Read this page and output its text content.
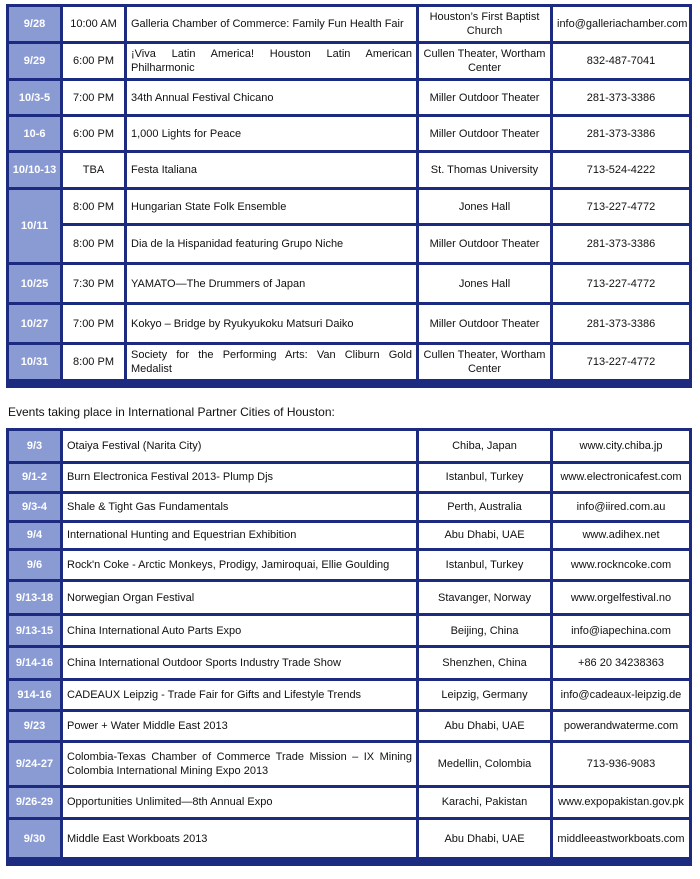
9/28	10:00 AM	Galleria Chamber of Commerce: Family Fun Health Fair	Houston’s First Baptist Church	info@galleriachamber.com
9/29	6:00 PM	¡Viva Latin America! Houston Latin American Philharmonic	Cullen Theater, Wortham Center	832-487-7041
10/3-5	7:00 PM	34th Annual Festival Chicano	Miller Outdoor Theater	281-373-3386
10-6	6:00 PM	1,000 Lights for Peace	Miller Outdoor Theater	281-373-3386
10/10-13	TBA	Festa Italiana	St. Thomas University	713-524-4222
10/11	8:00 PM	Hungarian State Folk Ensemble	Jones Hall	713-227-4772
	8:00 PM	Dia de la Hispanidad featuring Grupo Niche	Miller Outdoor Theater	281-373-3386
10/25	7:30 PM	YAMATO—The Drummers of Japan	Jones Hall	713-227-4772
10/27	7:00 PM	Kokyo – Bridge by Ryukyukoku Matsuri Daiko	Miller Outdoor Theater	281-373-3386
10/31	8:00 PM	Society for the Performing Arts: Van Cliburn Gold Medalist	Cullen Theater, Wortham Center	713-227-4772
Events taking place in International Partner Cities of Houston:
9/3	Otaiya Festival (Narita City)	Chiba, Japan	www.city.chiba.jp
9/1-2	Burn Electronica Festival 2013- Plump Djs	Istanbul, Turkey	www.electronicafest.com
9/3-4	Shale & Tight Gas Fundamentals	Perth, Australia	info@iired.com.au
9/4	International Hunting and Equestrian Exhibition	Abu Dhabi, UAE	www.adihex.net
9/6	Rock'n Coke - Arctic Monkeys, Prodigy, Jamiroquai, Ellie Goulding	Istanbul, Turkey	www.rockncoke.com
9/13-18	Norwegian Organ Festival	Stavanger, Norway	www.orgelfestival.no
9/13-15	China International Auto Parts Expo	Beijing, China	info@iapechina.com
9/14-16	China International Outdoor Sports Industry Trade Show	Shenzhen, China	+86 20 34238363
914-16	CADEAUX Leipzig - Trade Fair for Gifts and Lifestyle Trends	Leipzig, Germany	info@cadeaux-leipzig.de
9/23	Power + Water Middle East 2013	Abu Dhabi, UAE	powerandwaterme.com
9/24-27	Colombia-Texas Chamber of Commerce Trade Mission – IX Mining Colombia International Mining Expo 2013	Medellin, Colombia	713-936-9083
9/26-29	Opportunities Unlimited—8th Annual Expo	Karachi, Pakistan	www.expopakistan.gov.pk
9/30	Middle East Workboats 2013	Abu Dhabi, UAE	middleeastworkboats.com
